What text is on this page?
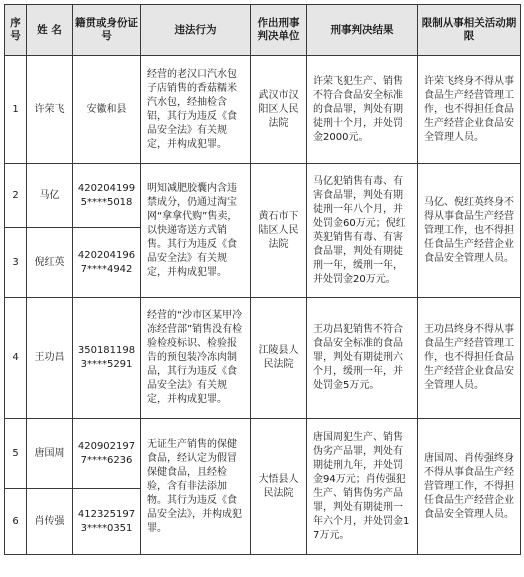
序号	姓 名	籍贯或身份证号	违法行为	作出刑事判决单位	刑事判决结果	限制从事相关活动期限
1	许荣飞	安徽和县	经营的老汉口汽水包子店销售的香菇糯米汽水包，经抽检含铝，其行为违反《食品安全法》有关规定，并构成犯罪。	武汉市汉阳区人民法院	许荣飞犯生产、销售不符合食品安全标准的食品罪，判处有期徒刑十个月，并处罚金2000元。	许荣飞终身不得从事食品生产经营管理工作，也不得担任食品生产经营企业食品安全管理人员。
2	马亿	420204199 5****5018	明知减肥胶囊内含违禁成分，仍通过淘宝网“拿拿代购”售卖，以快递寄送方式销售。其行为违反《食品安全法》有关规定，并构成犯罪。	黄石市下陆区人民法院	马亿犯销售有毒、有害食品罪，判处有期徒刑一年八个月，并处罚金60万元；倪红英犯销售有毒、有害食品罪，判处有期徒刑一年，缓刑一年，并处罚金20万元。	马亿、倪红英终身不得从事食品生产经营管理工作，也不得担任食品生产经营企业食品安全管理人员。
3	倪红英	420204196 7****4942				
4	王功昌	350181198 3****5291	经营的“沙市区某甲冷冻经营部”销售没有检验检疫标识、检验报告的预包装冷冻肉制品，其行为违反《食品安全法》有关规定，并构成犯罪。	江陵县人民法院	王功昌犯销售不符合食品安全标准的食品罪，判处有期徒刑六个月，缓刑一年，并处罚金5万元。	王功昌终身不得从事食品生产经营管理工作，也不得担任食品生产经营企业食品安全管理人员。
5	唐国周	420902197 7****6236	无证生产销售的保健食品，经认定为假冒保健食品，且经检验，含有非法添加物。其行为违反《食品安全法》，并构成犯罪。	大悟县人民法院	唐国周犯生产、销售伪劣产品罪，判处有期徒刑九年，并处罚金94万元；肖传强犯生产、销售伪劣产品罪，判处有期徒刑一年六个月，并处罚金17万元。	唐国周、肖传强终身不得从事食品生产经营管理工作，不得担任食品生产经营企业食品安全管理人员。
6	肖传强	412325197 3****0351				
